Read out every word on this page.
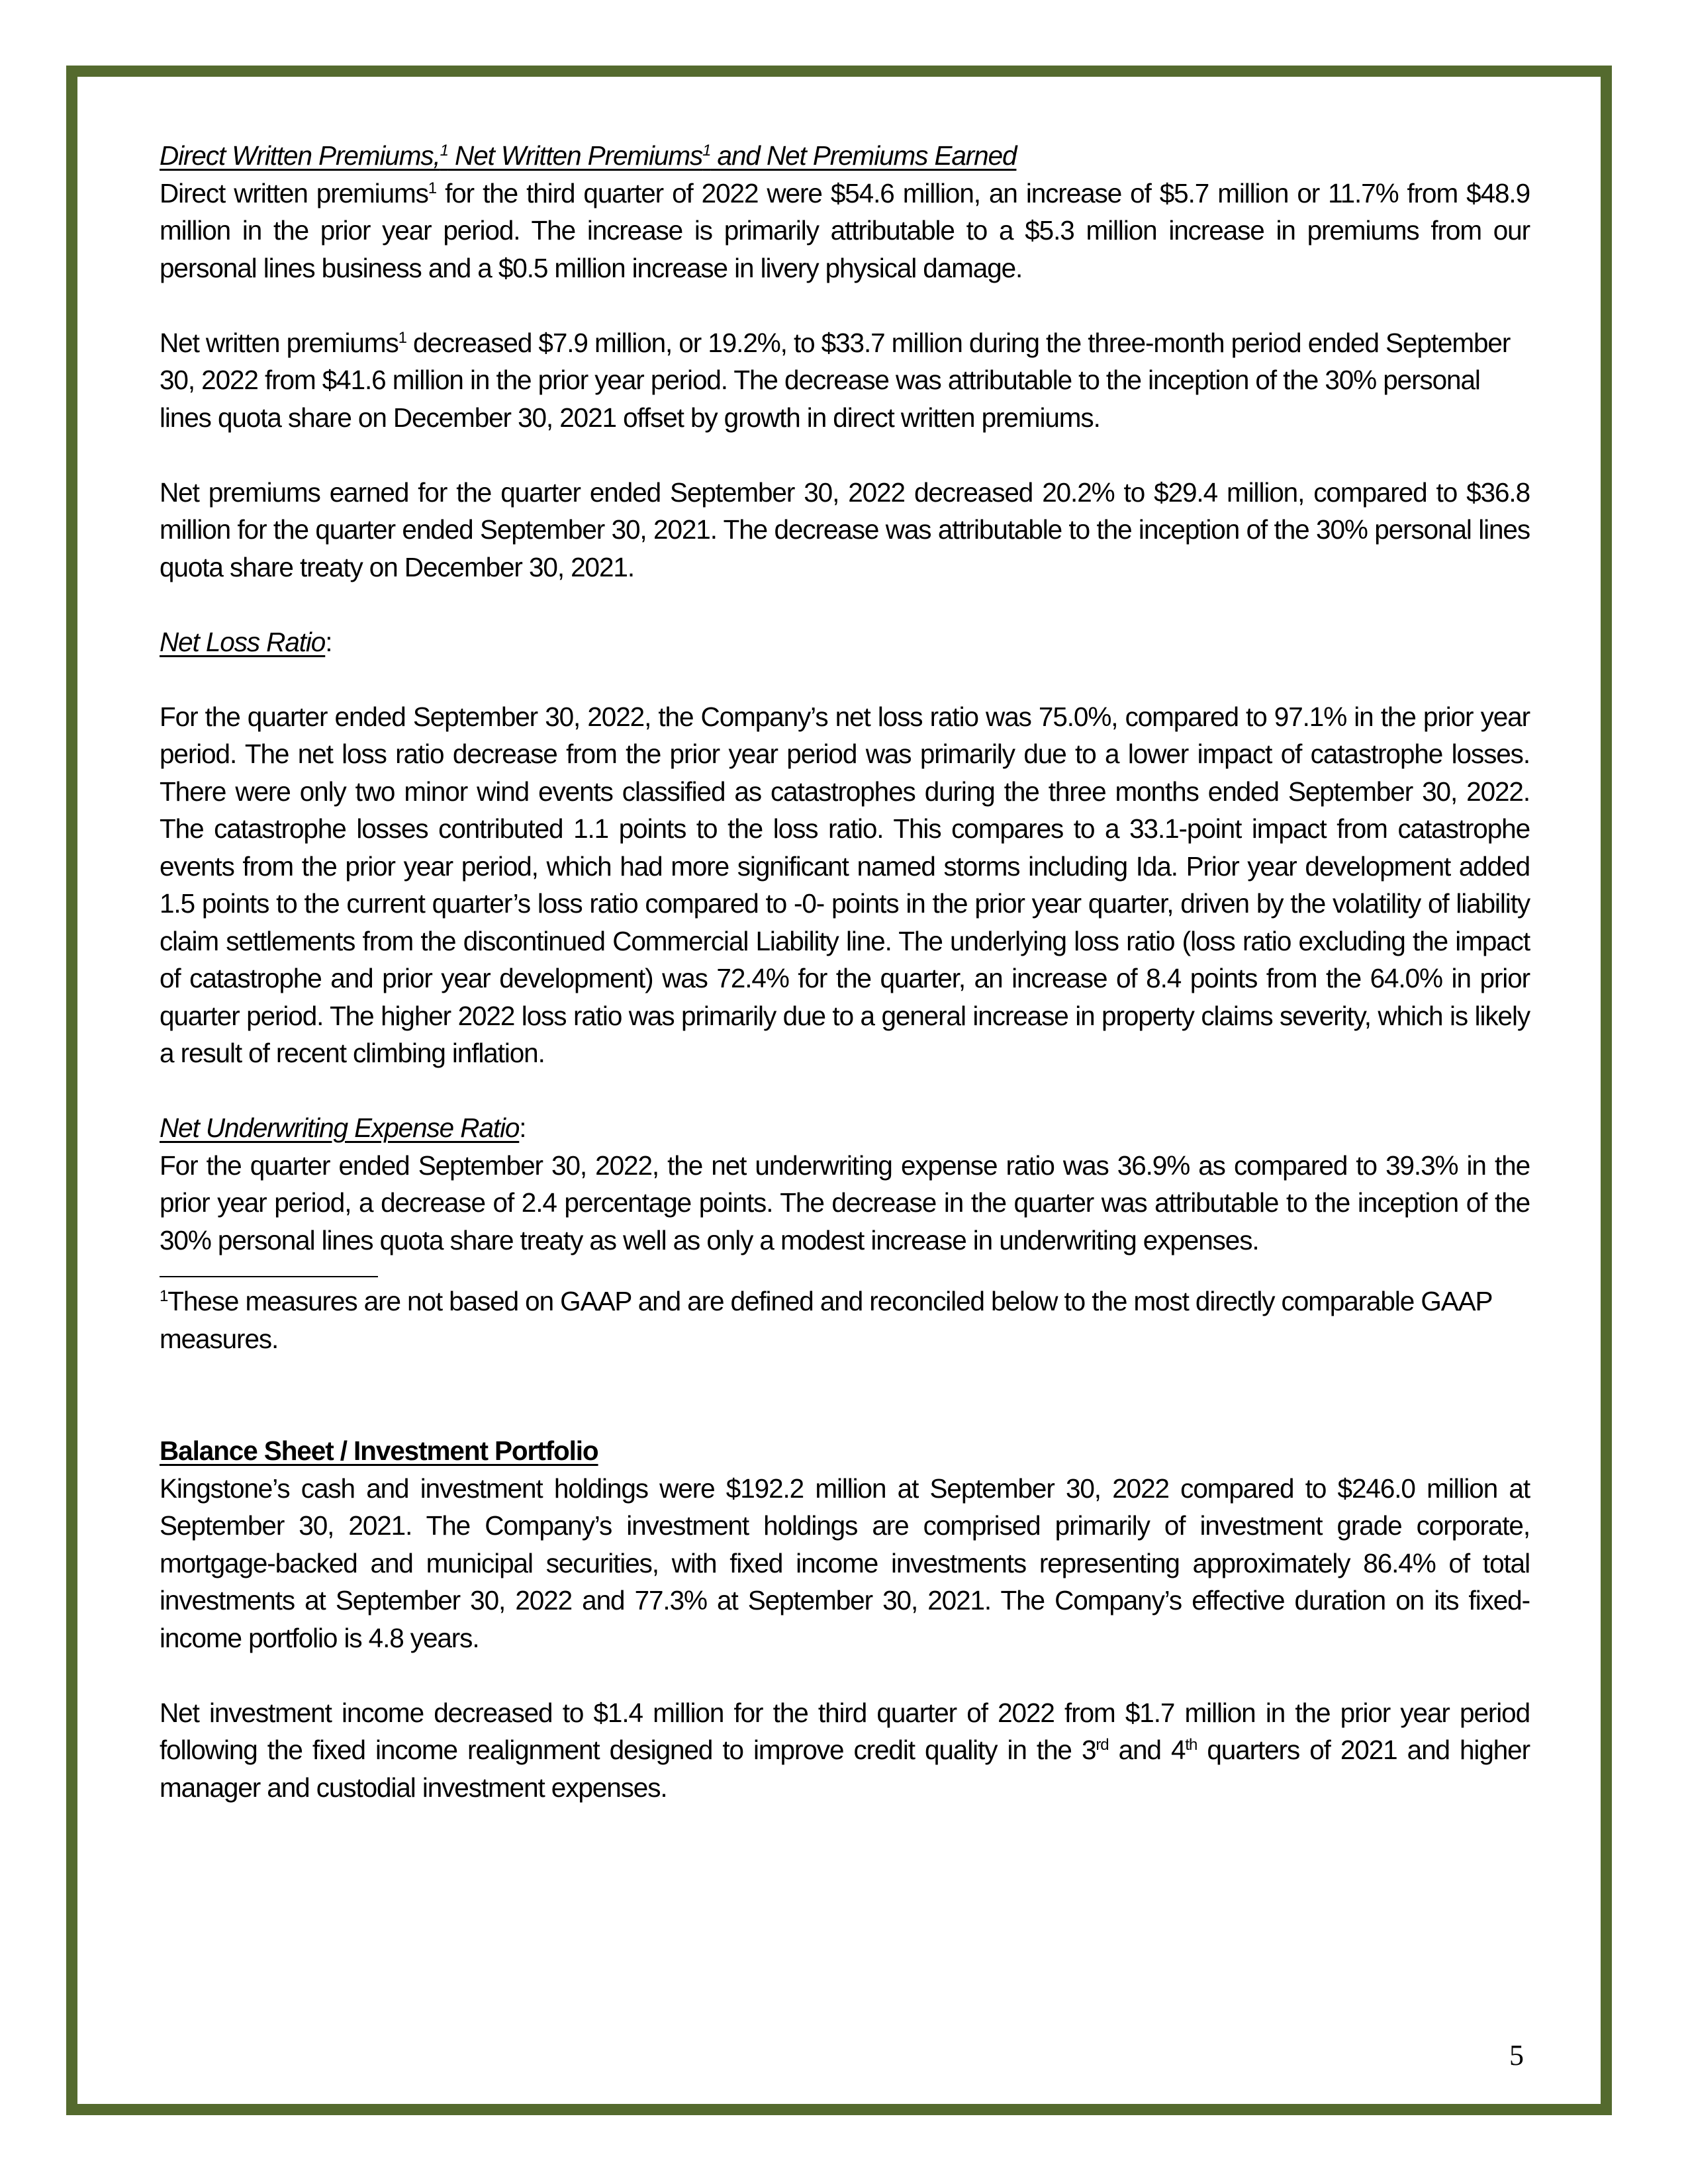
Direct Written Premiums,$^1$ Net Written Premiums$^1$ and Net Premiums Earned

Direct written premiums$^1$ for the third quarter of 2022 were $54.6 million, an increase of $5.7 million or 11.7% from $48.9 million in the prior year period. The increase is primarily attributable to a $5.3 million increase in premiums from our personal lines business and a $0.5 million increase in livery physical damage.

Net written premiums$^1$ decreased $7.9 million, or 19.2%, to $33.7 million during the three-month period ended September 30, 2022 from $41.6 million in the prior year period. The decrease was attributable to the inception of the 30% personal lines quota share on December 30, 2021 offset by growth in direct written premiums.

Net premiums earned for the quarter ended September 30, 2022 decreased 20.2% to $29.4 million, compared to $36.8 million for the quarter ended September 30, 2021. The decrease was attributable to the inception of the 30% personal lines quota share treaty on December 30, 2021.

Net Loss Ratio:

For the quarter ended September 30, 2022, the Company’s net loss ratio was 75.0%, compared to 97.1% in the prior year period. The net loss ratio decrease from the prior year period was primarily due to a lower impact of catastrophe losses. There were only two minor wind events classified as catastrophes during the three months ended September 30, 2022. The catastrophe losses contributed 1.1 points to the loss ratio. This compares to a 33.1-point impact from catastrophe events from the prior year period, which had more significant named storms including Ida. Prior year development added 1.5 points to the current quarter’s loss ratio compared to -0- points in the prior year quarter, driven by the volatility of liability claim settlements from the discontinued Commercial Liability line. The underlying loss ratio (loss ratio excluding the impact of catastrophe and prior year development) was 72.4% for the quarter, an increase of 8.4 points from the 64.0% in prior quarter period. The higher 2022 loss ratio was primarily due to a general increase in property claims severity, which is likely a result of recent climbing inflation.

Net Underwriting Expense Ratio:

For the quarter ended September 30, 2022, the net underwriting expense ratio was 36.9% as compared to 39.3% in the prior year period, a decrease of 2.4 percentage points. The decrease in the quarter was attributable to the inception of the 30% personal lines quota share treaty as well as only a modest increase in underwriting expenses.

$^1$These measures are not based on GAAP and are defined and reconciled below to the most directly comparable GAAP measures.

Balance Sheet / Investment Portfolio

Kingstone’s cash and investment holdings were $192.2 million at September 30, 2022 compared to $246.0 million at September 30, 2021. The Company’s investment holdings are comprised primarily of investment grade corporate, mortgage-backed and municipal securities, with fixed income investments representing approximately 86.4% of total investments at September 30, 2022 and 77.3% at September 30, 2021. The Company’s effective duration on its fixed-income portfolio is 4.8 years.

Net investment income decreased to $1.4 million for the third quarter of 2022 from $1.7 million in the prior year period following the fixed income realignment designed to improve credit quality in the 3rd and 4th quarters of 2021 and higher manager and custodial investment expenses.

5
